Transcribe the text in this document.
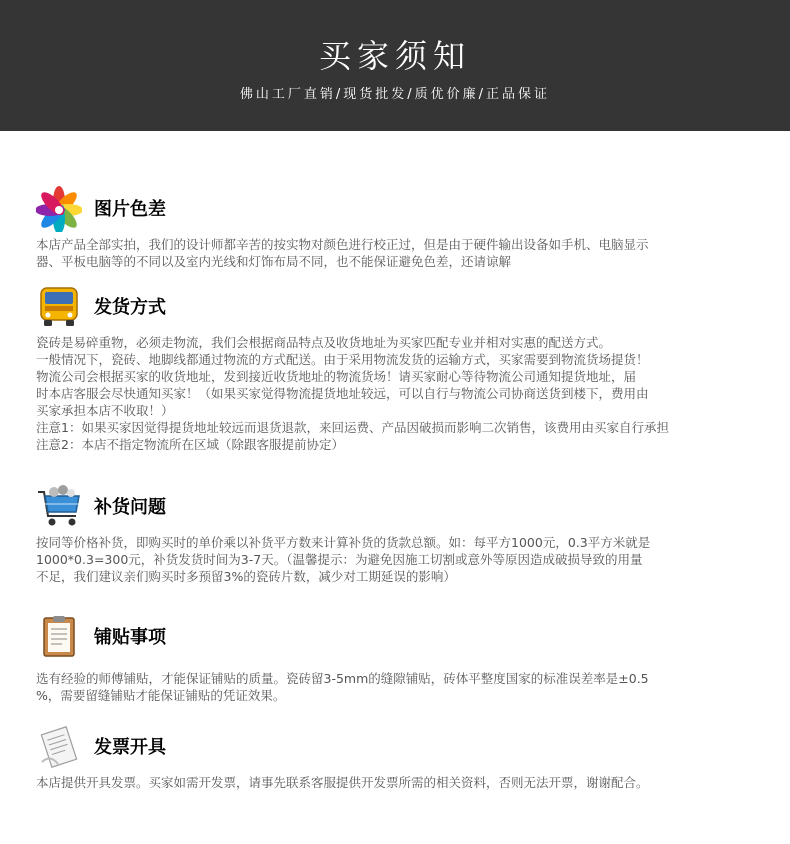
买家须知
佛山工厂直销/现货批发/质优价廉/正品保证
图片色差
本店产品全部实拍，我们的设计师都辛苦的按实物对颜色进行校正过，但是由于硬件输出设备如手机、电脑显示
器、平板电脑等的不同以及室内光线和灯饰布局不同，也不能保证避免色差，还请谅解
发货方式
瓷砖是易碎重物，必须走物流，我们会根据商品特点及收货地址为买家匹配专业并相对实惠的配送方式。
一般情况下，瓷砖、地脚线都通过物流的方式配送。由于采用物流发货的运输方式，买家需要到物流货场提货！
物流公司会根据买家的收货地址，发到接近收货地址的物流货场！请买家耐心等待物流公司通知提货地址，届
时本店客服会尽快通知买家！（如果买家觉得物流提货地址较远，可以自行与物流公司协商送货到楼下，费用由
买家承担本店不收取！）
注意1：如果买家因觉得提货地址较远而退货退款，来回运费、产品因破损而影响二次销售，该费用由买家自行承担
注意2：本店不指定物流所在区域（除跟客服提前协定）
补货问题
按同等价格补货，即购买时的单价乘以补货平方数来计算补货的货款总额。如：每平方1000元，0.3平方米就是
1000*0.3=300元，补货发货时间为3-7天。（温馨提示：为避免因施工切割或意外等原因造成破损导致的用量
不足，我们建议亲们购买时多预留3%的瓷砖片数，减少对工期延误的影响）
铺贴事项
选有经验的师傅铺贴，才能保证铺贴的质量。瓷砖留3-5mm的缝隙铺贴，砖体平整度国家的标准误差率是±0.5
%，需要留缝铺贴才能保证铺贴的凭证效果。
发票开具
本店提供开具发票。买家如需开发票，请事先联系客服提供开发票所需的相关资料，否则无法开票，谢谢配合。
